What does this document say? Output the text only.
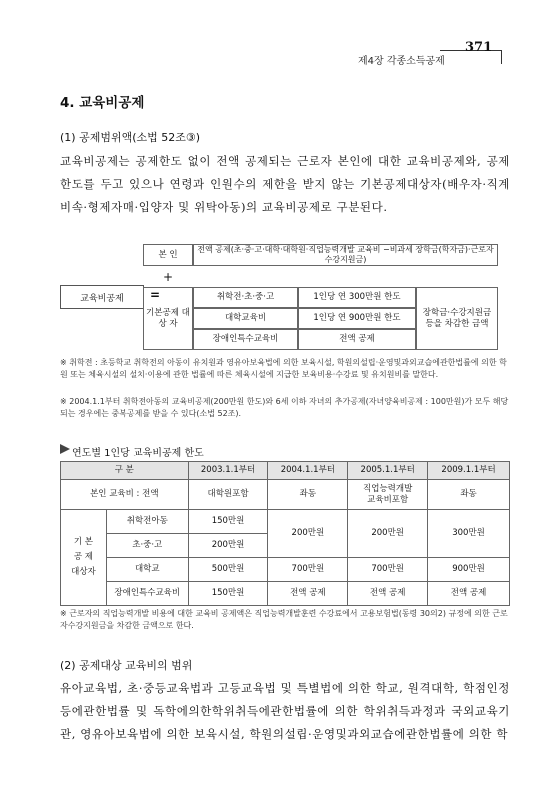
371
제4장 각종소득공제
4. 교육비공제
(1) 공제범위액(소법 52조③)
교육비공제는 공제한도 없이 전액 공제되는 근로자 본인에 대한 교육비공제와, 공제한도를 두고 있으나 연령과 인원수의 제한을 받지 않는 기본공제대상자(배우자·직계비속·형제자매·입양자 및 위탁아동)의 교육비공제로 구분된다.
교육비공제	=
본 인	전액 공제(초·중·고·대학·대학원·직업능력개발 교육비 −비과세 장학금(학자금)·근로자수강지원금)
+
기본공제 대 상 자
취학전·초·중·고	1인당 연 300만원 한도
대학교육비	1인당 연 900만원 한도
장애인특수교육비	전액 공제
장학금·수강지원금 등을 차감한 금액
※ 취학전 : 초등학교 취학전의 아동이 유치원과 영유아보육법에 의한 보육시설, 학원의설립·운영및과외교습에관한법률에 의한 학원 또는 체육시설의 설치·이용에 관한 법률에 따른 체육시설에 지급한 보육비용·수강료 및 유치원비를 말한다.
※ 2004.1.1부터 취학전아동의 교육비공제(200만원 한도)와 6세 이하 자녀의 추가공제(자녀양육비공제 : 100만원)가 모두 해당되는 경우에는 중복공제를 받을 수 있다(소법 52조).
연도별 1인당 교육비공제 한도
구 분		2003.1.1부터	2004.1.1부터	2005.1.1부터	2009.1.1부터
본인 교육비 : 전액		대학원포함	좌동	직업능력개발 교육비포함	좌동
기 본 공 제 대상자	취학전아동	150만원	200만원	200만원	300만원
	초·중·고	200만원			
	대학교	500만원	700만원	700만원	900만원
	장애인특수교육비	150만원	전액 공제	전액 공제	전액 공제
※ 근로자의 직업능력개발 비용에 대한 교육비 공제액은 직업능력개발훈련 수강료에서 고용보험법(동령 30의2) 규정에 의한 근로자수강지원금을 차감한 금액으로 한다.
(2) 공제대상 교육비의 범위
유아교육법, 초·중등교육법과 고등교육법 및 특별법에 의한 학교, 원격대학, 학점인정등에관한법률 및 독학에의한학위취득에관한법률에 의한 학위취득과정과 국외교육기관, 영유아보육법에 의한 보육시설, 학원의설립·운영및과외교습에관한법률에 의한 학
